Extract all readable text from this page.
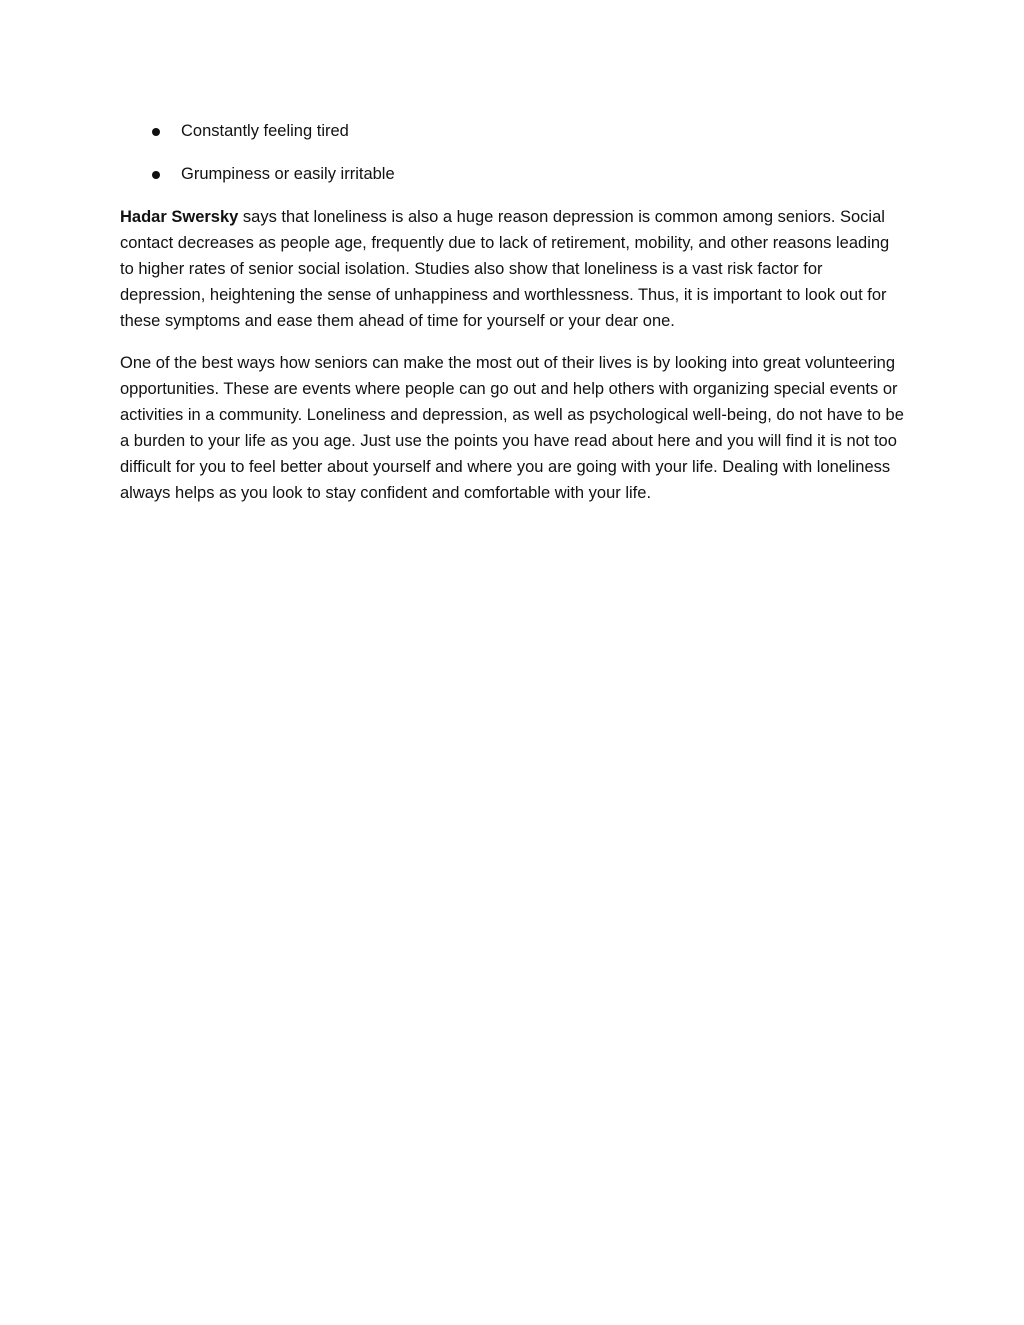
Constantly feeling tired
Grumpiness or easily irritable

Hadar Swersky says that loneliness is also a huge reason depression is common among seniors. Social contact decreases as people age, frequently due to lack of retirement, mobility, and other reasons leading to higher rates of senior social isolation. Studies also show that loneliness is a vast risk factor for depression, heightening the sense of unhappiness and worthlessness. Thus, it is important to look out for these symptoms and ease them ahead of time for yourself or your dear one.

One of the best ways how seniors can make the most out of their lives is by looking into great volunteering opportunities. These are events where people can go out and help others with organizing special events or activities in a community. Loneliness and depression, as well as psychological well-being, do not have to be a burden to your life as you age. Just use the points you have read about here and you will find it is not too difficult for you to feel better about yourself and where you are going with your life. Dealing with loneliness always helps as you look to stay confident and comfortable with your life.
